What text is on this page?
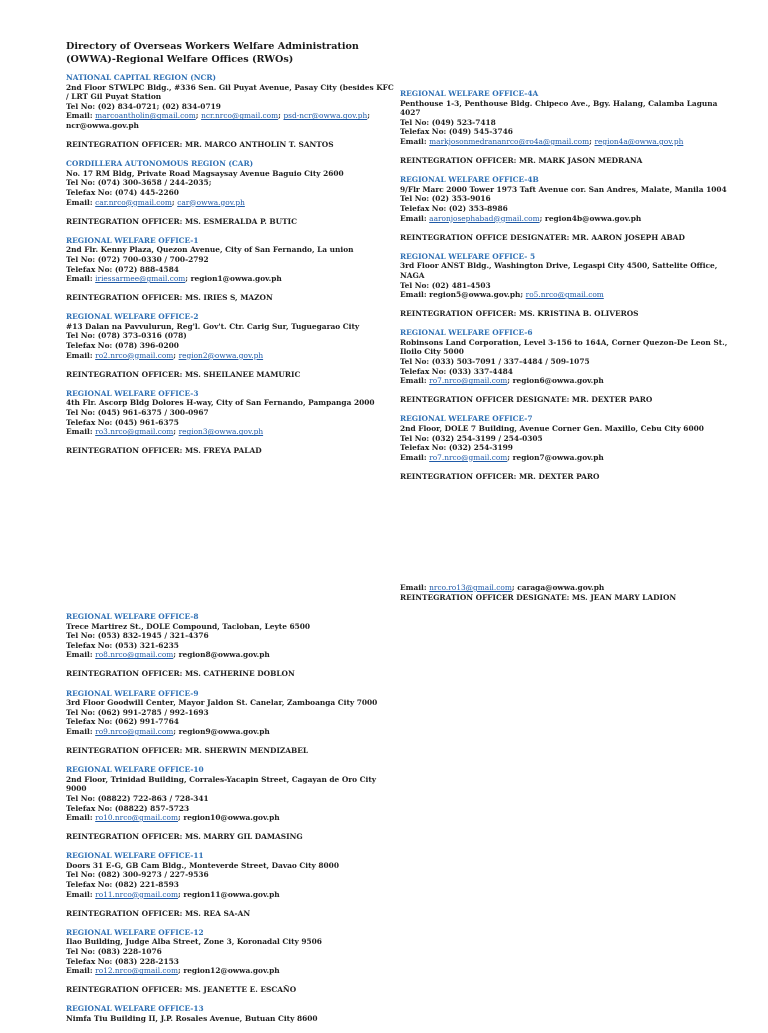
Directory of Overseas Workers Welfare Administration (OWWA)-Regional Welfare Offices (RWOs)
NATIONAL CAPITAL REGION (NCR)
2nd Floor STWLPC Bldg., #336 Sen. Gil Puyat Avenue, Pasay City (besides KFC / LRT Gil Puyat Station
Tel No: (02) 834-0721; (02) 834-0719
Email: marcoantholin@gmail.com; ncr.nrco@gmail.com; psd-ncr@owwa.gov.ph; ncr@owwa.gov.ph
REINTEGRATION OFFICER: MR. MARCO ANTHOLIN T. SANTOS
CORDILLERA AUTONOMOUS REGION (CAR)
No. 17 RM Bldg, Private Road Magsaysay Avenue Baguio City 2600
Tel No: (074) 300-3658 / 244-2035;
Telefax No: (074) 445-2260
Email: car.nrco@gmail.com; car@owwa.gov.ph
REINTEGRATION OFFICER: MS. ESMERALDA P. BUTIC
REGIONAL WELFARE OFFICE-1
2nd Flr. Kenny Plaza, Quezon Avenue, City of San Fernando, La union
Tel No: (072) 700-0330 / 700-2792
Telefax No: (072) 888-4584
Email: iriessarmee@gmail.com; region1@owwa.gov.ph
REINTEGRATION OFFICER: MS. IRIES S, MAZON
REGIONAL WELFARE OFFICE-2
#13 Dalan na Pavvulurun, Reg'l. Gov't. Ctr. Carig Sur, Tuguegarao City
Tel No: (078) 373-0316 (078)
Telefax No: (078) 396-0200
Email: ro2.nrco@gmail.com; region2@owwa.gov.ph
REINTEGRATION OFFICER: MS. SHEILANEE MAMURIC
REGIONAL WELFARE OFFICE-3
4th Flr. Ascorp Bldg Dolores H-way, City of San Fernando, Pampanga 2000
Tel No: (045) 961-6375 / 300-0967
Telefax No: (045) 961-6375
Email: ro3.nrco@gmail.com; region3@owwa.gov.ph
REINTEGRATION OFFICER: MS. FREYA PALAD
REGIONAL WELFARE OFFICE-4A
Penthouse 1-3, Penthouse Bldg. Chipeco Ave., Bgy. Halang, Calamba Laguna 4027
Tel No: (049) 523-7418
Telefax No: (049) 545-3746
Email: markjosonmedrananrco@ro4a@gmail.com; region4a@owwa.gov.ph
REINTEGRATION OFFICER: MR. MARK JASON MEDRANA
REGIONAL WELFARE OFFICE-4B
9/Flr Marc 2000 Tower 1973 Taft Avenue cor. San Andres, Malate, Manila 1004
Tel No: (02) 353-9016
Telefax No: (02) 353-8986
Email: aaronjosephabad@gmail.com; region4b@owwa.gov.ph
REINTEGRATION OFFICE DESIGNATER: MR. AARON JOSEPH ABAD
REGIONAL WELFARE OFFICE- 5
3rd Floor ANST Bldg., Washington Drive, Legaspi City 4500, Sattelite Office, NAGA
Tel No: (02) 481-4503
Email: region5@owwa.gov.ph; ro5.nrco@gmail.com
REINTEGRATION OFFICER: MS. KRISTINA B. OLIVEROS
REGIONAL WELFARE OFFICE-6
Robinsons Land Corporation, Level 3-156 to 164A, Corner Quezon-De Leon St., Iloilo City 5000
Tel No: (033) 503-7091 / 337-4484 / 509-1075
Telefax No: (033) 337-4484
Email: ro7.nrco@gmail.com; region6@owwa.gov.ph
REINTEGRATION OFFICER DESIGNATE: MR. DEXTER PARO
REGIONAL WELFARE OFFICE-7
2nd Floor, DOLE 7 Building, Avenue Corner Gen. Maxillo, Cebu City 6000
Tel No: (032) 254-3199 / 254-0305
Telefax No: (032) 254-3199
Email: ro7.nrco@gmail.com; region7@owwa.gov.ph
REINTEGRATION OFFICER: MR. DEXTER PARO
Email: nrco.ro13@gmail.com; caraga@owwa.gov.ph
REINTEGRATION OFFICER DESIGNATE: MS. JEAN MARY LADION
REGIONAL WELFARE OFFICE-8
Trece Martirez St., DOLE Compound, Tacloban, Leyte 6500
Tel No: (053) 832-1945 / 321-4376
Telefax No: (053) 321-6235
Email: ro8.nrco@gmail.com; region8@owwa.gov.ph
REINTEGRATION OFFICER: MS. CATHERINE DOBLON
REGIONAL WELFARE OFFICE-9
3rd Floor Goodwill Center, Mayor Jaldon St. Canelar, Zamboanga City 7000
Tel No: (062) 991-2785 / 992-1693
Telefax No: (062) 991-7764
Email: ro9.nrco@gmail.com; region9@owwa.gov.ph
REINTEGRATION OFFICER: MR. SHERWIN MENDIZABEL
REGIONAL WELFARE OFFICE-10
2nd Floor, Trinidad Building, Corrales-Yacapin Street, Cagayan de Oro City 9000
Tel No: (08822) 722-863 / 728-341
Telefax No: (08822) 857-5723
Email: ro10.nrco@gmail.com; region10@owwa.gov.ph
REINTEGRATION OFFICER: MS. MARRY GIL DAMASING
REGIONAL WELFARE OFFICE-11
Doors 31 E-G, GB Cam Bldg., Monteverde Street, Davao City 8000
Tel No: (082) 300-9273 / 227-9536
Telefax No: (082) 221-8593
Email: ro11.nrco@gmail.com; region11@owwa.gov.ph
REINTEGRATION OFFICER: MS. REA SA-AN
REGIONAL WELFARE OFFICE-12
Ilao Building, Judge Alba Street, Zone 3, Koronadal City 9506
Tel No: (083) 228-1076
Telefax No: (083) 228-2153
Email: ro12.nrco@gmail.com; region12@owwa.gov.ph
REINTEGRATION OFFICER: MS. JEANETTE E. ESCAÑO
REGIONAL WELFARE OFFICE-13
Nimfa Tiu Building II, J.P. Rosales Avenue, Butuan City 8600
